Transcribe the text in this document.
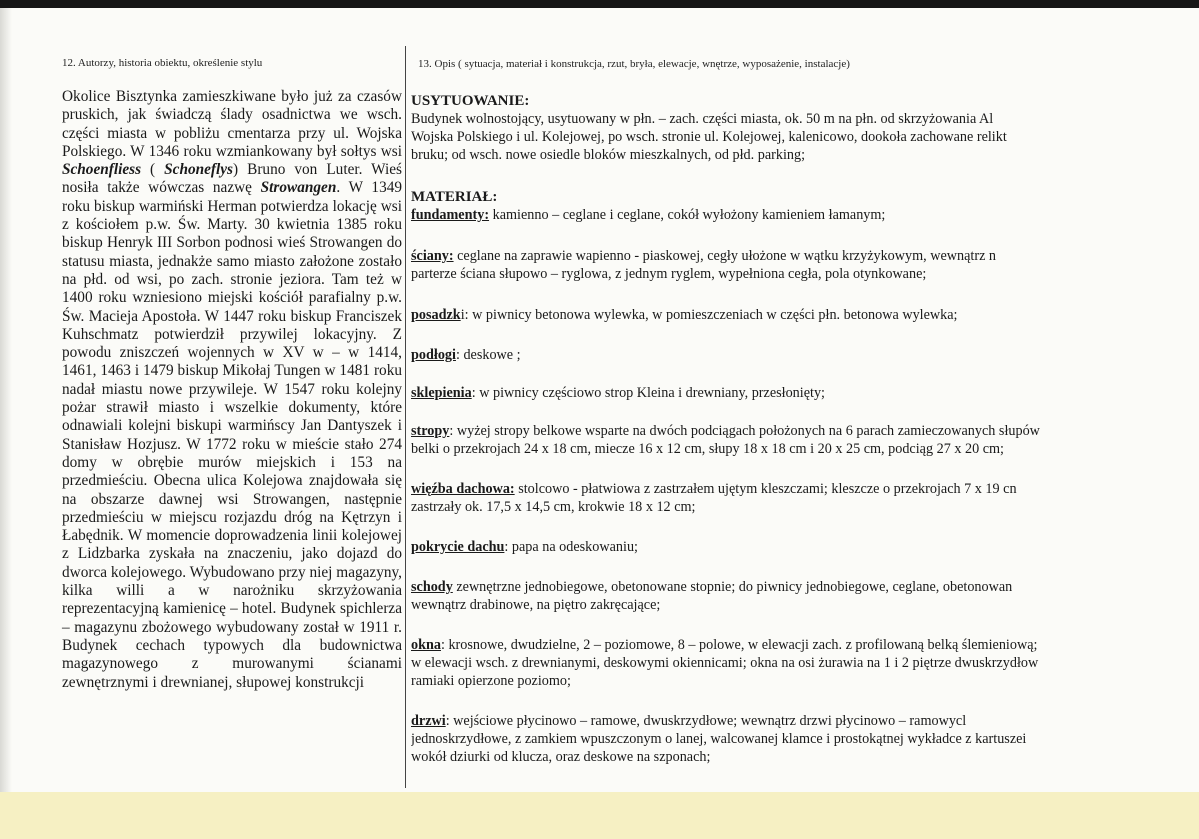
12. Autorzy, historia obiektu, określenie stylu	13. Opis ( sytuacja, materiał i konstrukcja, rzut, bryła, elewacje, wnętrze, wyposażenie, instalacje)
Okolice Bisztynka zamieszkiwane było już za czasów pruskich, jak świadczą ślady osadnictwa we wsch. części miasta w pobliżu cmentarza przy ul. Wojska Polskiego. W 1346 roku wzmiankowany był sołtys wsi Schoenfliess ( Schoneflys) Bruno von Luter. Wieś nosiła także wówczas nazwę Strowangen. W 1349 roku biskup warmiński Herman potwierdza lokację wsi z kościołem p.w. Św. Marty. 30 kwietnia 1385 roku biskup Henryk III Sorbon podnosi wieś Strowangen do statusu miasta, jednakże samo miasto założone zostało na płd. od wsi, po zach. stronie jeziora. Tam też w 1400 roku wzniesiono miejski kościół parafialny p.w. Św. Macieja Apostoła. W 1447 roku biskup Franciszek Kuhschmatz potwierdził przywilej lokacyjny. Z powodu zniszczeń wojennych w XV w – w 1414, 1461, 1463 i 1479 biskup Mikołaj Tungen w 1481 roku nadał miastu nowe przywileje. W 1547 roku kolejny pożar strawił miasto i wszelkie dokumenty, które odnawiali kolejni biskupi warmińscy Jan Dantyszek i Stanisław Hozjusz. W 1772 roku w mieście stało 274 domy w obrębie murów miejskich i 153 na przedmieściu. Obecna ulica Kolejowa znajdowała się na obszarze dawnej wsi Strowangen, następnie przedmieściu w miejscu rozjazdu dróg na Kętrzyn i Łabędnik. W momencie doprowadzenia linii kolejowej z Lidzbarka zyskała na znaczeniu, jako dojazd do dworca kolejowego. Wybudowano przy niej magazyny, kilka willi a w narożniku skrzyżowania reprezentacyjną kamienicę – hotel. Budynek spichlerza – magazynu zbożowego wybudowany został w 1911 r. Budynek cechach typowych dla budownictwa magazynowego z murowanymi ścianami zewnętrznymi i drewnianej, słupowej konstrukcji
USYTUOWANIE:
Budynek wolnostojący, usytuowany w płn. – zach. części miasta, ok. 50 m na płn. od skrzyżowania Al
Wojska Polskiego i ul. Kolejowej, po wsch. stronie ul. Kolejowej, kalenicowo, dookoła zachowane relikt
bruku; od wsch. nowe osiedle bloków mieszkalnych, od płd. parking;
MATERIAŁ:
fundamenty: kamienno – ceglane i ceglane, cokół wyłożony kamieniem łamanym;
ściany: ceglane na zaprawie wapienno - piaskowej, cegły ułożone w wątku krzyżykowym, wewnątrz n
parterze ściana słupowo – ryglowa, z jednym ryglem, wypełniona cegła, pola otynkowane;
posadzki: w piwnicy betonowa wylewka, w pomieszczeniach w części płn. betonowa wylewka;
podłogi: deskowe ;
sklepienia: w piwnicy częściowo strop Kleina i drewniany, przesłonięty;
stropy: wyżej stropy belkowe wsparte na dwóch podciągach położonych na 6 parach zamieczowanych słupów
belki o przekrojach 24 x 18 cm, miecze 16 x 12 cm, słupy 18 x 18 cm i 20 x 25 cm, podciąg 27 x 20 cm;
więźba dachowa: stolcowo - płatwiowa z zastrzałem ujętym kleszczami; kleszcze o przekrojach 7 x 19 cn
zastrzały ok. 17,5 x 14,5 cm, krokwie 18 x 12 cm;
pokrycie dachu: papa na odeskowaniu;
schody zewnętrzne jednobiegowe, obetonowane stopnie; do piwnicy jednobiegowe, ceglane, obetonowan
wewnątrz drabinowe, na piętro zakręcające;
okna: krosnowe, dwudzielne, 2 – poziomowe, 8 – polowe, w elewacji zach. z profilowaną belką ślemieniową;
w elewacji wsch. z drewnianymi, deskowymi okiennicami; okna na osi żurawia na 1 i 2 piętrze dwuskrzydłow
ramiaki opierzone poziomo;
drzwi: wejściowe płycinowo – ramowe, dwuskrzydłowe; wewnątrz drzwi płycinowo – ramowycl
jednoskrzydłowe, z zamkiem wpuszczonym o lanej, walcowanej klamce i prostokątnej wykładce z kartuszei
wokół dziurki od klucza, oraz deskowe na szponach;
